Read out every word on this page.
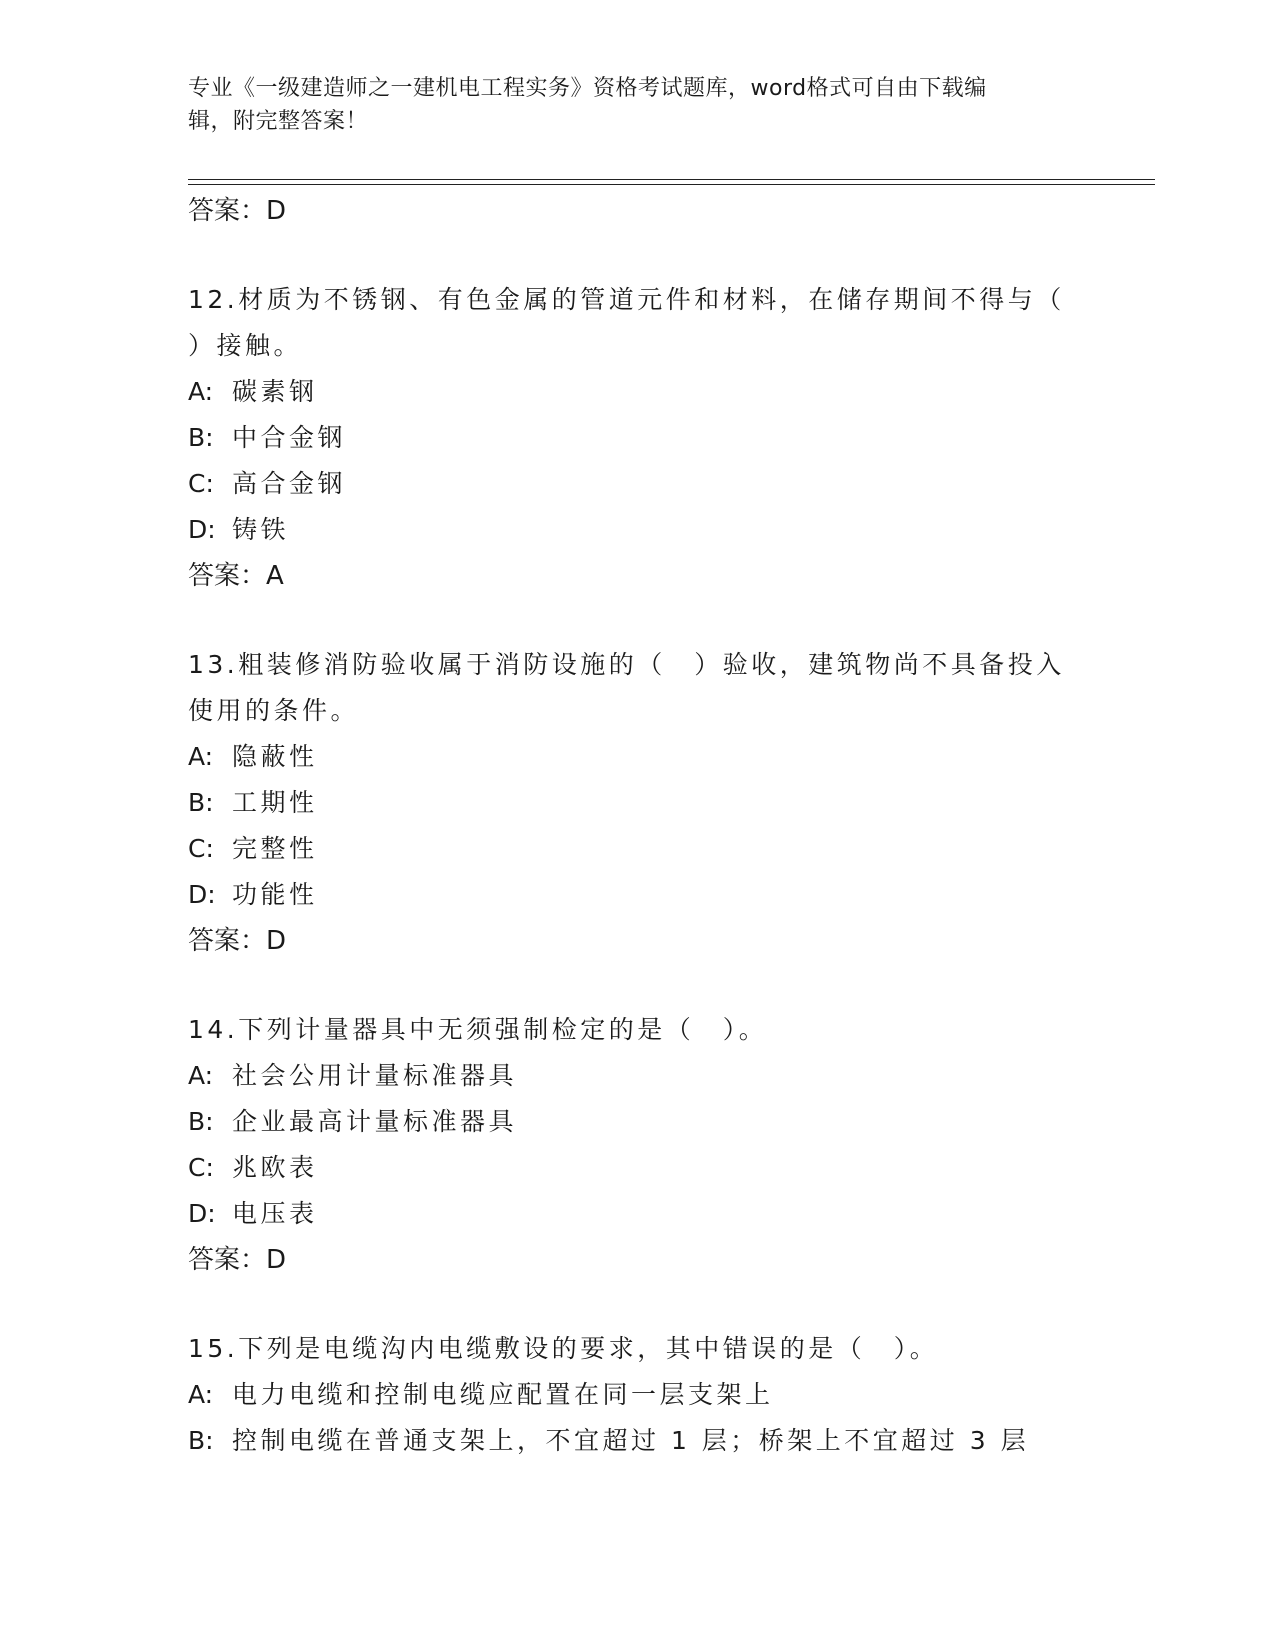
专业《一级建造师之一建机电工程实务》资格考试题库，word格式可自由下载编
辑，附完整答案！
答案：D
12.材质为不锈钢、有色金属的管道元件和材料，在储存期间不得与（
）接触。
A: 碳素钢
B: 中合金钢
C: 高合金钢
D: 铸铁
答案：A
13.粗装修消防验收属于消防设施的（　）验收，建筑物尚不具备投入
使用的条件。
A: 隐蔽性
B: 工期性
C: 完整性
D: 功能性
答案：D
14.下列计量器具中无须强制检定的是（　）。
A: 社会公用计量标准器具
B: 企业最高计量标准器具
C: 兆欧表
D: 电压表
答案：D
15.下列是电缆沟内电缆敷设的要求，其中错误的是（　）。
A: 电力电缆和控制电缆应配置在同一层支架上
B: 控制电缆在普通支架上，不宜超过 1 层；桥架上不宜超过 3 层
